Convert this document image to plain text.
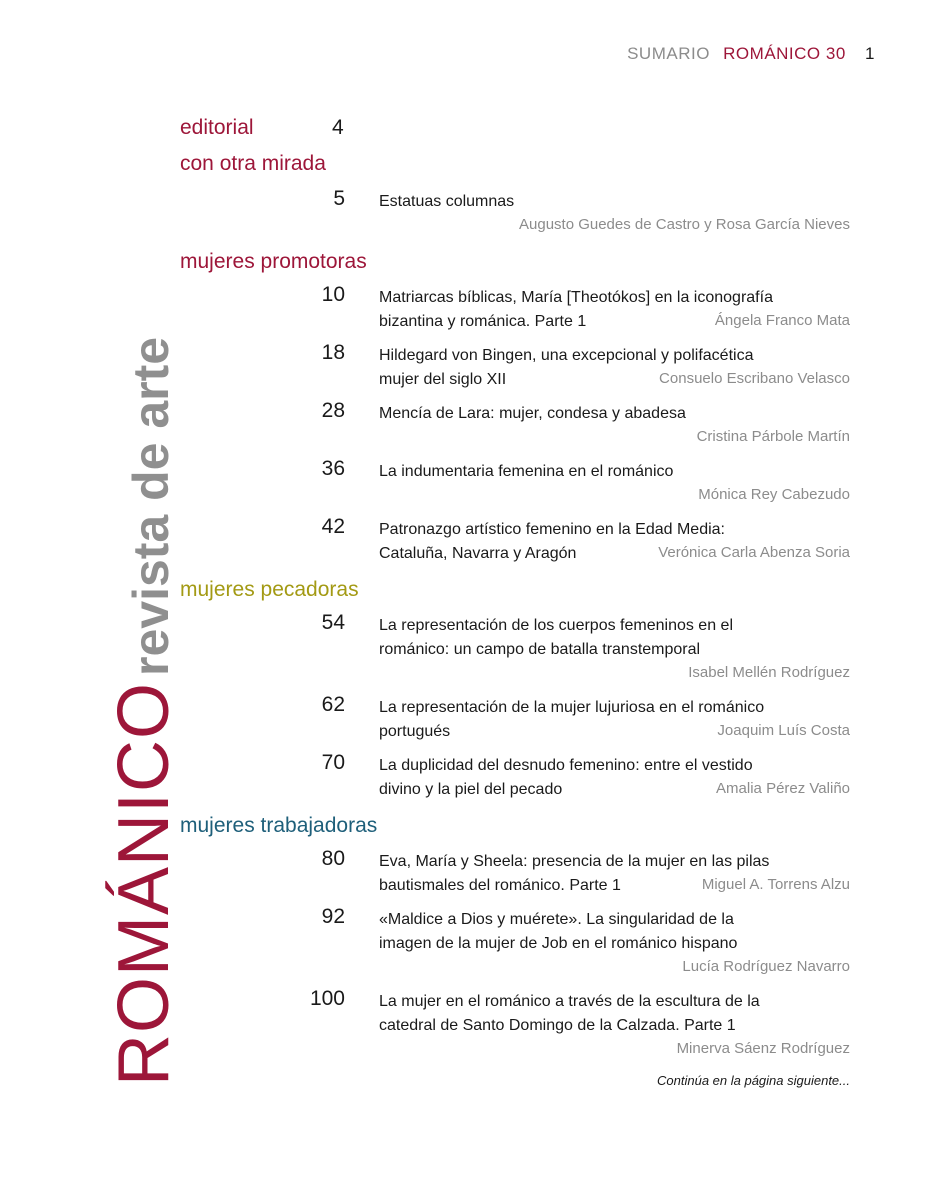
SUMARIO ROMÁNICO 30 1
ROMÁNICOrevista de arte
editorial	4
con otra mirada
5 Estatuas columnas
Augusto Guedes de Castro y Rosa García Nieves
mujeres promotoras
10 Matriarcas bíblicas, María [Theotókos] en la iconografía
bizantina y románica. Parte 1	Ángela Franco Mata
18 Hildegard von Bingen, una excepcional y polifacética
mujer del siglo XII	Consuelo Escribano Velasco
28 Mencía de Lara: mujer, condesa y abadesa
Cristina Párbole Martín
36 La indumentaria femenina en el románico
Mónica Rey Cabezudo
42 Patronazgo artístico femenino en la Edad Media:
Cataluña, Navarra y Aragón	Verónica Carla Abenza Soria
mujeres pecadoras
54 La representación de los cuerpos femeninos en el
románico: un campo de batalla transtemporal
Isabel Mellén Rodríguez
62 La representación de la mujer lujuriosa en el románico
portugués	Joaquim Luís Costa
70 La duplicidad del desnudo femenino: entre el vestido
divino y la piel del pecado	Amalia Pérez Valiño
mujeres trabajadoras
80 Eva, María y Sheela: presencia de la mujer en las pilas
bautismales del románico. Parte 1	Miguel A. Torrens Alzu
92 «Maldice a Dios y muérete». La singularidad de la
imagen de la mujer de Job en el románico hispano
Lucía Rodríguez Navarro
100 La mujer en el románico a través de la escultura de la
catedral de Santo Domingo de la Calzada. Parte 1
Minerva Sáenz Rodríguez
Continúa en la página siguiente...
